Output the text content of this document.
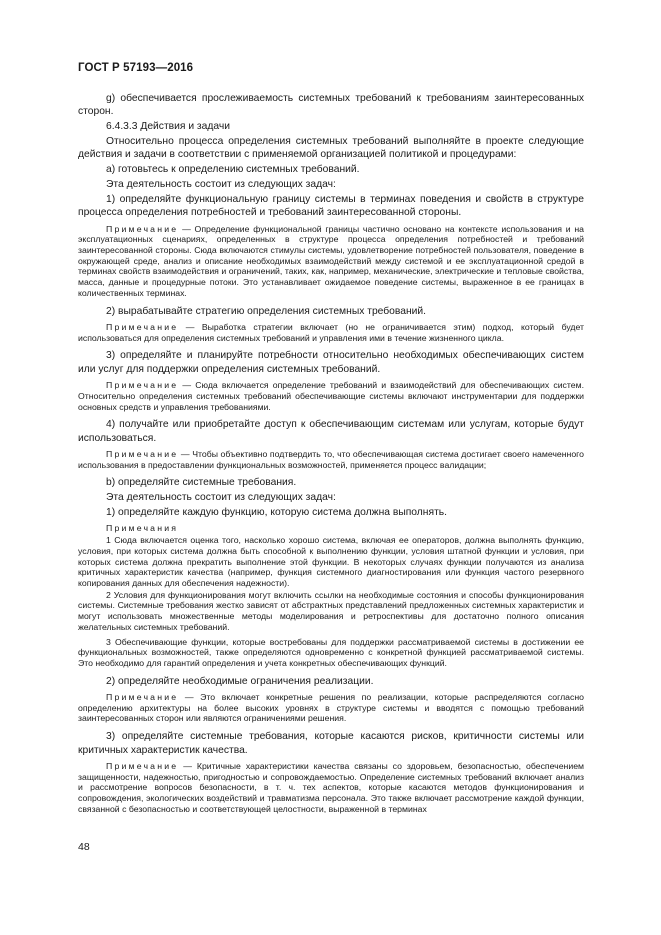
ГОСТ Р 57193—2016

g) обеспечивается прослеживаемость системных требований к требованиям заинтересованных сторон.

6.4.3.3 Действия и задачи

Относительно процесса определения системных требований выполняйте в проекте следующие действия и задачи в соответствии с применяемой организацией политикой и процедурами:

a) готовьтесь к определению системных требований.

Эта деятельность состоит из следующих задач:

1) определяйте функциональную границу системы в терминах поведения и свойств в структуре процесса определения потребностей и требований заинтересованной стороны.

Примечание — Определение функциональной границы частично основано на контексте использования и на эксплуатационных сценариях, определенных в структуре процесса определения потребностей и требований заинтересованной стороны. Сюда включаются стимулы системы, удовлетворение потребностей пользователя, поведение в окружающей среде, анализ и описание необходимых взаимодействий между системой и ее эксплуатационной средой в терминах свойств взаимодействия и ограничений, таких, как, например, механические, электрические и тепловые свойства, масса, данные и процедурные потоки. Это устанавливает ожидаемое поведение системы, выраженное в ее границах в количественных терминах.

2) вырабатывайте стратегию определения системных требований.

Примечание — Выработка стратегии включает (но не ограничивается этим) подход, который будет использоваться для определения системных требований и управления ими в течение жизненного цикла.

3) определяйте и планируйте потребности относительно необходимых обеспечивающих систем или услуг для поддержки определения системных требований.

Примечание — Сюда включается определение требований и взаимодействий для обеспечивающих систем. Относительно определения системных требований обеспечивающие системы включают инструментарии для поддержки основных средств и управления требованиями.

4) получайте или приобретайте доступ к обеспечивающим системам или услугам, которые будут использоваться.

Примечание — Чтобы объективно подтвердить то, что обеспечивающая система достигает своего намеченного использования в предоставлении функциональных возможностей, применяется процесс валидации;

b) определяйте системные требования.

Эта деятельность состоит из следующих задач:

1) определяйте каждую функцию, которую система должна выполнять.

Примечания

1 Сюда включается оценка того, насколько хорошо система, включая ее операторов, должна выполнять функцию, условия, при которых система должна быть способной к выполнению функции, условия штатной функции и условия, при которых система должна прекратить выполнение этой функции. В некоторых случаях функции получаются из анализа критичных характеристик качества (например, функция системного диагностирования или функция частого резервного копирования данных для обеспечения надежности).

2 Условия для функционирования могут включить ссылки на необходимые состояния и способы функционирования системы. Системные требования жестко зависят от абстрактных представлений предложенных системных характеристик и могут использовать множественные методы моделирования и ретроспективы для достаточно полного описания желательных системных требований.

3 Обеспечивающие функции, которые востребованы для поддержки рассматриваемой системы в достижении ее функциональных возможностей, также определяются одновременно с конкретной функцией рассматриваемой системы. Это необходимо для гарантий определения и учета конкретных обеспечивающих функций.

2) определяйте необходимые ограничения реализации.

Примечание — Это включает конкретные решения по реализации, которые распределяются согласно определению архитектуры на более высоких уровнях в структуре системы и вводятся с помощью требований заинтересованных сторон или являются ограничениями решения.

3) определяйте системные требования, которые касаются рисков, критичности системы или критичных характеристик качества.

Примечание — Критичные характеристики качества связаны со здоровьем, безопасностью, обеспечением защищенности, надежностью, пригодностью и сопровождаемостью. Определение системных требований включает анализ и рассмотрение вопросов безопасности, в т. ч. тех аспектов, которые касаются методов функционирования и сопровождения, экологических воздействий и травматизма персонала. Это также включает рассмотрение каждой функции, связанной с безопасностью и соответствующей целостности, выраженной в терминах

48
